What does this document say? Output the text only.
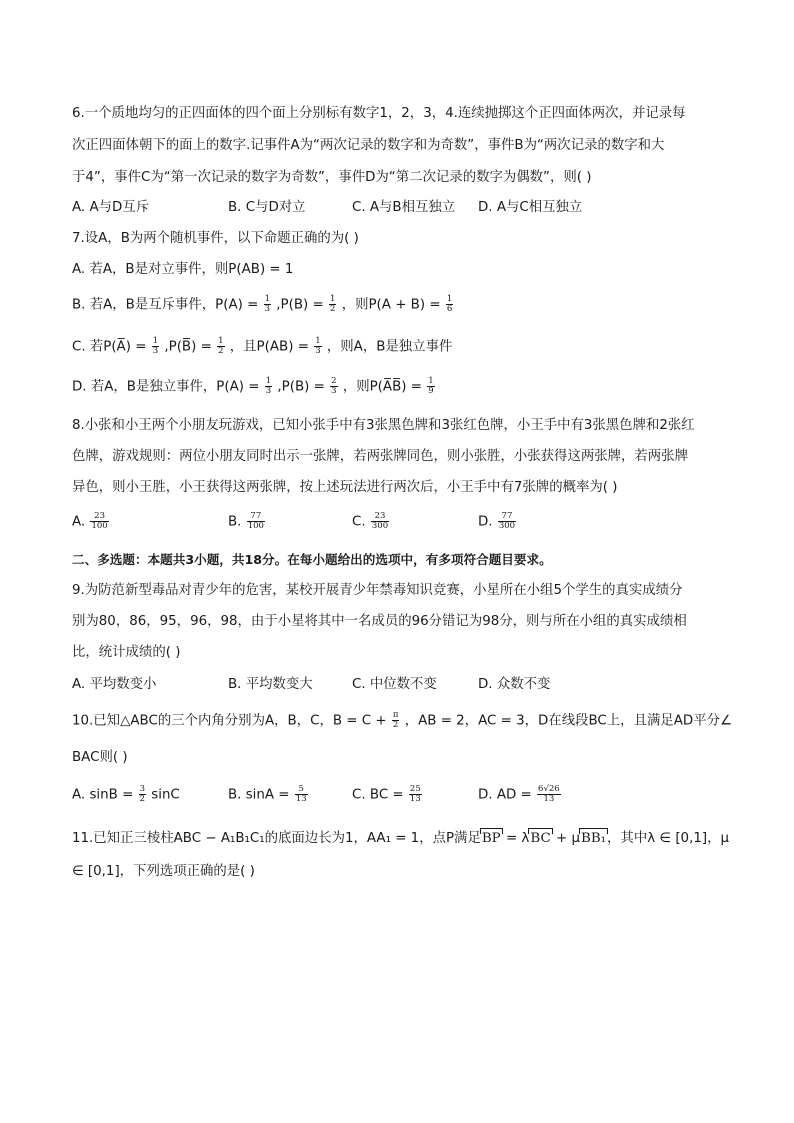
6.一个质地均匀的正四面体的四个面上分别标有数字1，2，3，4.连续抛掷这个正四面体两次，并记录每
次正四面体朝下的面上的数字.记事件A为“两次记录的数字和为奇数”，事件B为“两次记录的数字和大
于4”，事件C为“第一次记录的数字为奇数”，事件D为“第二次记录的数字为偶数”，则( )
A. A与D互斥	B. C与D对立	C. A与B相互独立 D. A与C相互独立
7.设A，B为两个随机事件，以下命题正确的为( )
A. 若A，B是对立事件，则P(AB) = 1
B. 若A，B是互斥事件，$P(A) = \frac{1}{3} ,P(B) = \frac{1}{2}$ ，则$P(A + B) = \frac{1}{6}$
C. 若P(A̅) = $\frac{1}{3}$ ,P(B̅) = $\frac{1}{2}$ ，且$P(AB) = \frac{1}{3}$ ，则A，B是独立事件
D. 若A，B是独立事件，$P(A) = \frac{1}{3} ,P(B) = \frac{2}{3}$ ，则P(A̅B̅) = $\frac{1}{9}$
8.小张和小王两个小朋友玩游戏，已知小张手中有3张黑色牌和3张红色牌，小王手中有3张黑色牌和2张红
色牌，游戏规则：两位小朋友同时出示一张牌，若两张牌同色，则小张胜，小张获得这两张牌，若两张牌
异色，则小王胜，小王获得这两张牌，按上述玩法进行两次后，小王手中有7张牌的概率为( )
A. $\frac{23}{100}$	B. $\frac{77}{100}$	C. $\frac{23}{300}$	D. $\frac{77}{300}$
二、多选题：本题共3小题，共18分。在每小题给出的选项中，有多项符合题目要求。
9.为防范新型毒品对青少年的危害，某校开展青少年禁毒知识竞赛，小星所在小组5个学生的真实成绩分
别为80，86，95，96，98，由于小星将其中一名成员的96分错记为98分，则与所在小组的真实成绩相
比，统计成绩的( )
A. 平均数变小	B. 平均数变大	C. 中位数不变	D. 众数不变
10.已知△ABC的三个内角分别为A，B，C，$B = C + \frac{\pi}{2}$ ，AB = 2，AC = 3，D在线段BC上，且满足AD平分∠
BAC则( )
A. $\sin B = \frac{3}{2}$ sinC	B. $\sin A = \frac{5}{13}$	C. BC = $\frac{25}{13}$	D. AD = $\frac{6√26}{13}$
11.已知正三棱柱ABC − A₁B₁C₁的底面边长为1，AA₁ = 1，点P满足BP = λBC + μBB₁，其中λ ∈ [0,1]，μ
∈ [0,1]，下列选项正确的是( )
